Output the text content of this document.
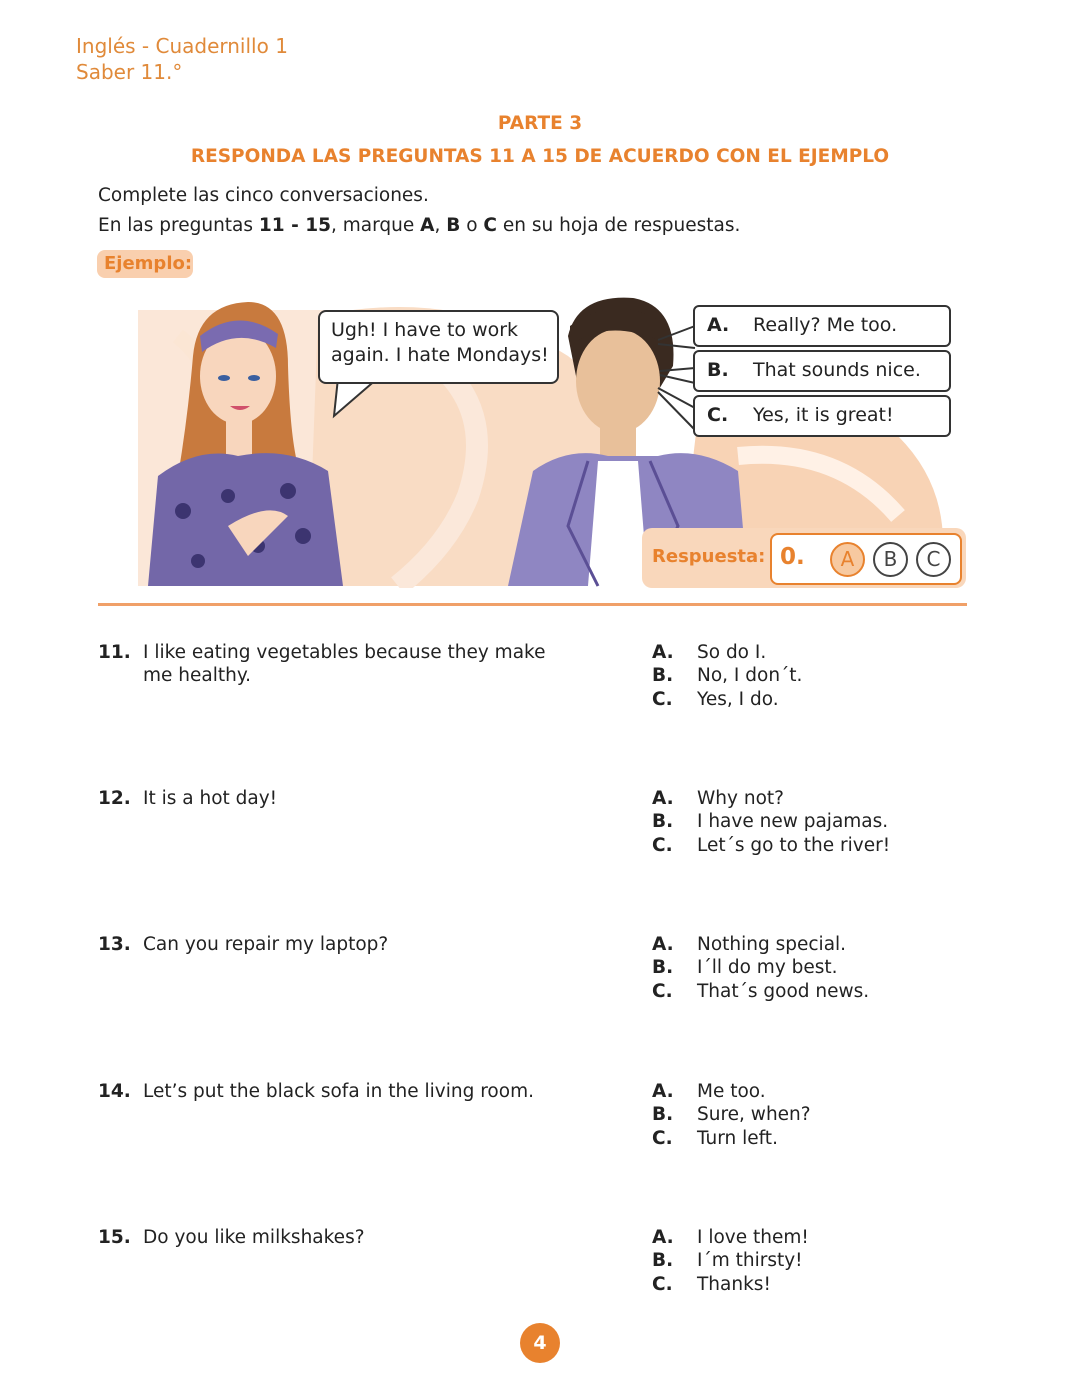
Inglés - Cuadernillo 1
Saber 11.°
PARTE 3
RESPONDA LAS PREGUNTAS 11 A 15 DE ACUERDO CON EL EJEMPLO
Complete las cinco conversaciones.
En las preguntas 11 - 15, marque A, B o C en su hoja de respuestas.
Ejemplo:
Ugh! I have to work
again. I hate Mondays!
A. Really? Me too.
B. That sounds nice.
C. Yes, it is great!
Respuesta: 0.	A	B	C
11. I like eating vegetables because they make me healthy.
A. So do I.
B. No, I don´t.
C. Yes, I do.
12. It is a hot day!	A. Why not?
B. I have new pajamas.
C. Let´s go to the river!
13. Can you repair my laptop?	A. Nothing special.
B. I´ll do my best.
C. That´s good news.
14. Let’s put the black sofa in the living room.	A. Me too.
B. Sure, when?
C. Turn left.
15. Do you like milkshakes?	A. I love them!
B. I´m thirsty!
C. Thanks!
4
